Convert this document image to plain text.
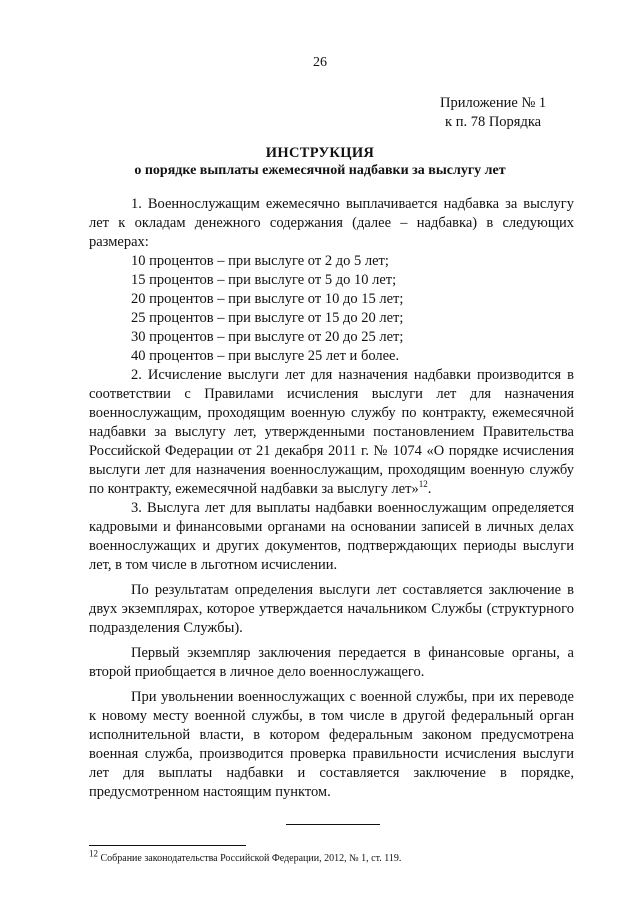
26
Приложение № 1
к п. 78 Порядка
ИНСТРУКЦИЯ
о порядке выплаты ежемесячной надбавки за выслугу лет

1. Военнослужащим ежемесячно выплачивается надбавка за выслугу лет к окладам денежного содержания (далее – надбавка) в следующих размерах:

10 процентов – при выслуге от 2 до 5 лет;

15 процентов – при выслуге от 5 до 10 лет;

20 процентов – при выслуге от 10 до 15 лет;

25 процентов – при выслуге от 15 до 20 лет;

30 процентов – при выслуге от 20 до 25 лет;

40 процентов – при выслуге 25 лет и более.

2. Исчисление выслуги лет для назначения надбавки производится в соответствии с Правилами исчисления выслуги лет для назначения военнослужащим, проходящим военную службу по контракту, ежемесячной надбавки за выслугу лет, утвержденными постановлением Правительства Российской Федерации от 21 декабря 2011 г. № 1074 «О порядке исчисления выслуги лет для назначения военнослужащим, проходящим военную службу по контракту, ежемесячной надбавки за выслугу лет»$^{12}$.

3. Выслуга лет для выплаты надбавки военнослужащим определяется кадровыми и финансовыми органами на основании записей в личных делах военнослужащих и других документов, подтверждающих периоды выслуги лет, в том числе в льготном исчислении.

По результатам определения выслуги лет составляется заключение в двух экземплярах, которое утверждается начальником Службы (структурного подразделения Службы).

Первый экземпляр заключения передается в финансовые органы, а второй приобщается в личное дело военнослужащего.

При увольнении военнослужащих с военной службы, при их переводе к новому месту военной службы, в том числе в другой федеральный орган исполнительной власти, в котором федеральным законом предусмотрена военная служба, производится проверка правильности исчисления выслуги лет для выплаты надбавки и составляется заключение в порядке, предусмотренном настоящим пунктом.

$^{12}$ Собрание законодательства Российской Федерации, 2012, № 1, ст. 119.
